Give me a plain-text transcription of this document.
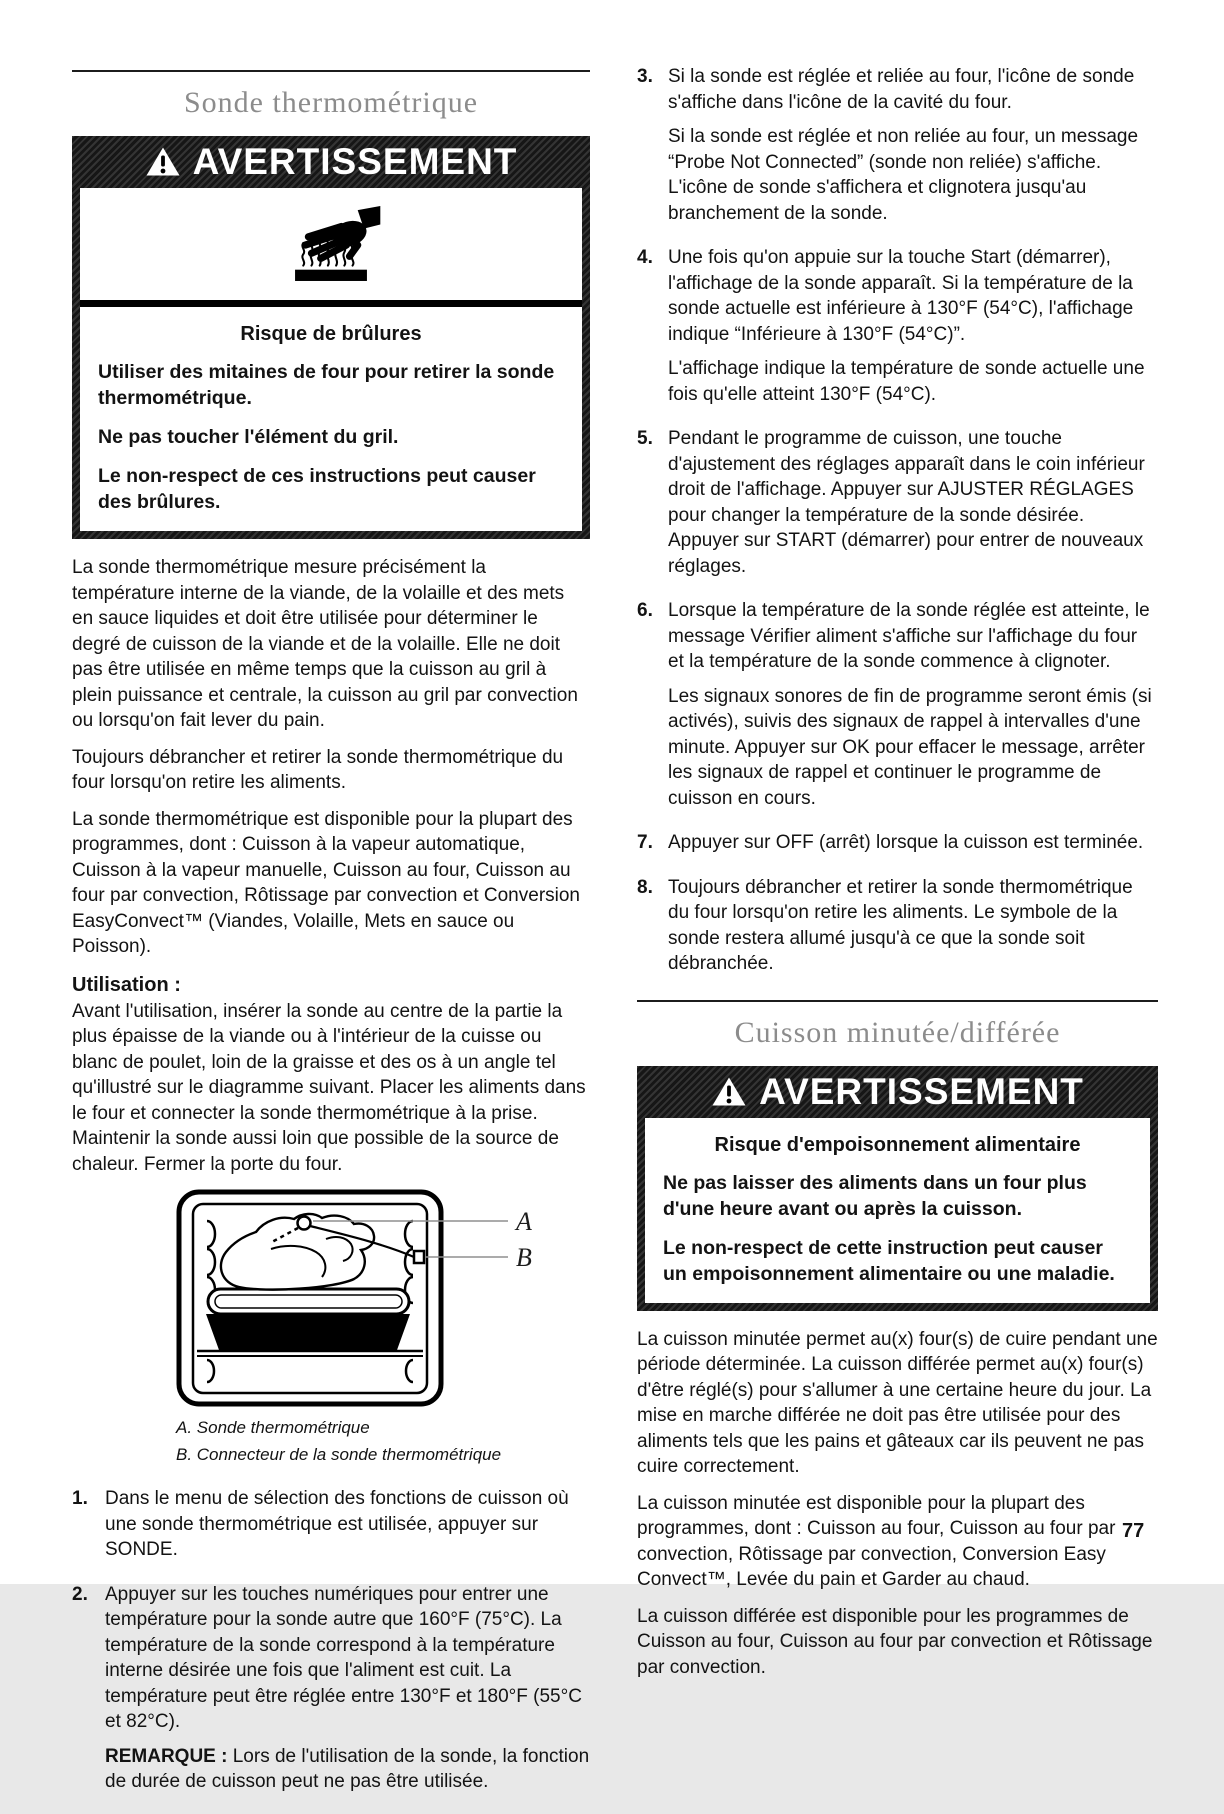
Sonde thermométrique
AVERTISSEMENT
Risque de brûlures

Utiliser des mitaines de four pour retirer la sonde thermométrique.

Ne pas toucher l'élément du gril.

Le non-respect de ces instructions peut causer des brûlures.

La sonde thermométrique mesure précisément la température interne de la viande, de la volaille et des mets en sauce liquides et doit être utilisée pour déterminer le degré de cuisson de la viande et de la volaille. Elle ne doit pas être utilisée en même temps que la cuisson au gril à plein puissance et centrale, la cuisson au gril par convection ou lorsqu'on fait lever du pain.

Toujours débrancher et retirer la sonde thermométrique du four lorsqu'on retire les aliments.

La sonde thermométrique est disponible pour la plupart des programmes, dont : Cuisson à la vapeur automatique, Cuisson à la vapeur manuelle, Cuisson au four, Cuisson au four par convection, Rôtissage par convection et Conversion EasyConvect™ (Viandes, Volaille, Mets en sauce ou Poisson).

Utilisation :

Avant l'utilisation, insérer la sonde au centre de la partie la plus épaisse de la viande ou à l'intérieur de la cuisse ou blanc de poulet, loin de la graisse et des os à un angle tel qu'illustré sur le diagramme suivant. Placer les aliments dans le four et connecter la sonde thermométrique à la prise. Maintenir la sonde aussi loin que possible de la source de chaleur. Fermer la porte du four.

A
B
A. Sonde thermométrique
B. Connecteur de la sonde thermométrique
1. Dans le menu de sélection des fonctions de cuisson où une sonde thermométrique est utilisée, appuyer sur SONDE.

2. Appuyer sur les touches numériques pour entrer une température pour la sonde autre que 160°F (75°C). La température de la sonde correspond à la température interne désirée une fois que l'aliment est cuit. La température peut être réglée entre 130°F et 180°F (55°C et 82°C).

REMARQUE : Lors de l'utilisation de la sonde, la fonction de durée de cuisson peut ne pas être utilisée.

3. Si la sonde est réglée et reliée au four, l'icône de sonde s'affiche dans l'icône de la cavité du four.

Si la sonde est réglée et non reliée au four, un message “Probe Not Connected” (sonde non reliée) s'affiche. L'icône de sonde s'affichera et clignotera jusqu'au branchement de la sonde.

4. Une fois qu'on appuie sur la touche Start (démarrer), l'affichage de la sonde apparaît. Si la température de la sonde actuelle est inférieure à 130°F (54°C), l'affichage indique “Inférieure à 130°F (54°C)”.

L'affichage indique la température de sonde actuelle une fois qu'elle atteint 130°F (54°C).

5. Pendant le programme de cuisson, une touche d'ajustement des réglages apparaît dans le coin inférieur droit de l'affichage. Appuyer sur AJUSTER RÉGLAGES pour changer la température de la sonde désirée. Appuyer sur START (démarrer) pour entrer de nouveaux réglages.

6. Lorsque la température de la sonde réglée est atteinte, le message Vérifier aliment s'affiche sur l'affichage du four et la température de la sonde commence à clignoter.

Les signaux sonores de fin de programme seront émis (si activés), suivis des signaux de rappel à intervalles d'une minute. Appuyer sur OK pour effacer le message, arrêter les signaux de rappel et continuer le programme de cuisson en cours.

7. Appuyer sur OFF (arrêt) lorsque la cuisson est terminée.

8. Toujours débrancher et retirer la sonde thermométrique du four lorsqu'on retire les aliments. Le symbole de la sonde restera allumé jusqu'à ce que la sonde soit débranchée.

Cuisson minutée/différée
AVERTISSEMENT
Risque d'empoisonnement alimentaire

Ne pas laisser des aliments dans un four plus d'une heure avant ou après la cuisson.

Le non-respect de cette instruction peut causer un empoisonnement alimentaire ou une maladie.

La cuisson minutée permet au(x) four(s) de cuire pendant une période déterminée. La cuisson différée permet au(x) four(s) d'être réglé(s) pour s'allumer à une certaine heure du jour. La mise en marche différée ne doit pas être utilisée pour des aliments tels que les pains et gâteaux car ils peuvent ne pas cuire correctement.

La cuisson minutée est disponible pour la plupart des programmes, dont : Cuisson au four, Cuisson au four par convection, Rôtissage par convection, Conversion Easy Convect™, Levée du pain et Garder au chaud.

La cuisson différée est disponible pour les programmes de Cuisson au four, Cuisson au four par convection et Rôtissage par convection.

77
